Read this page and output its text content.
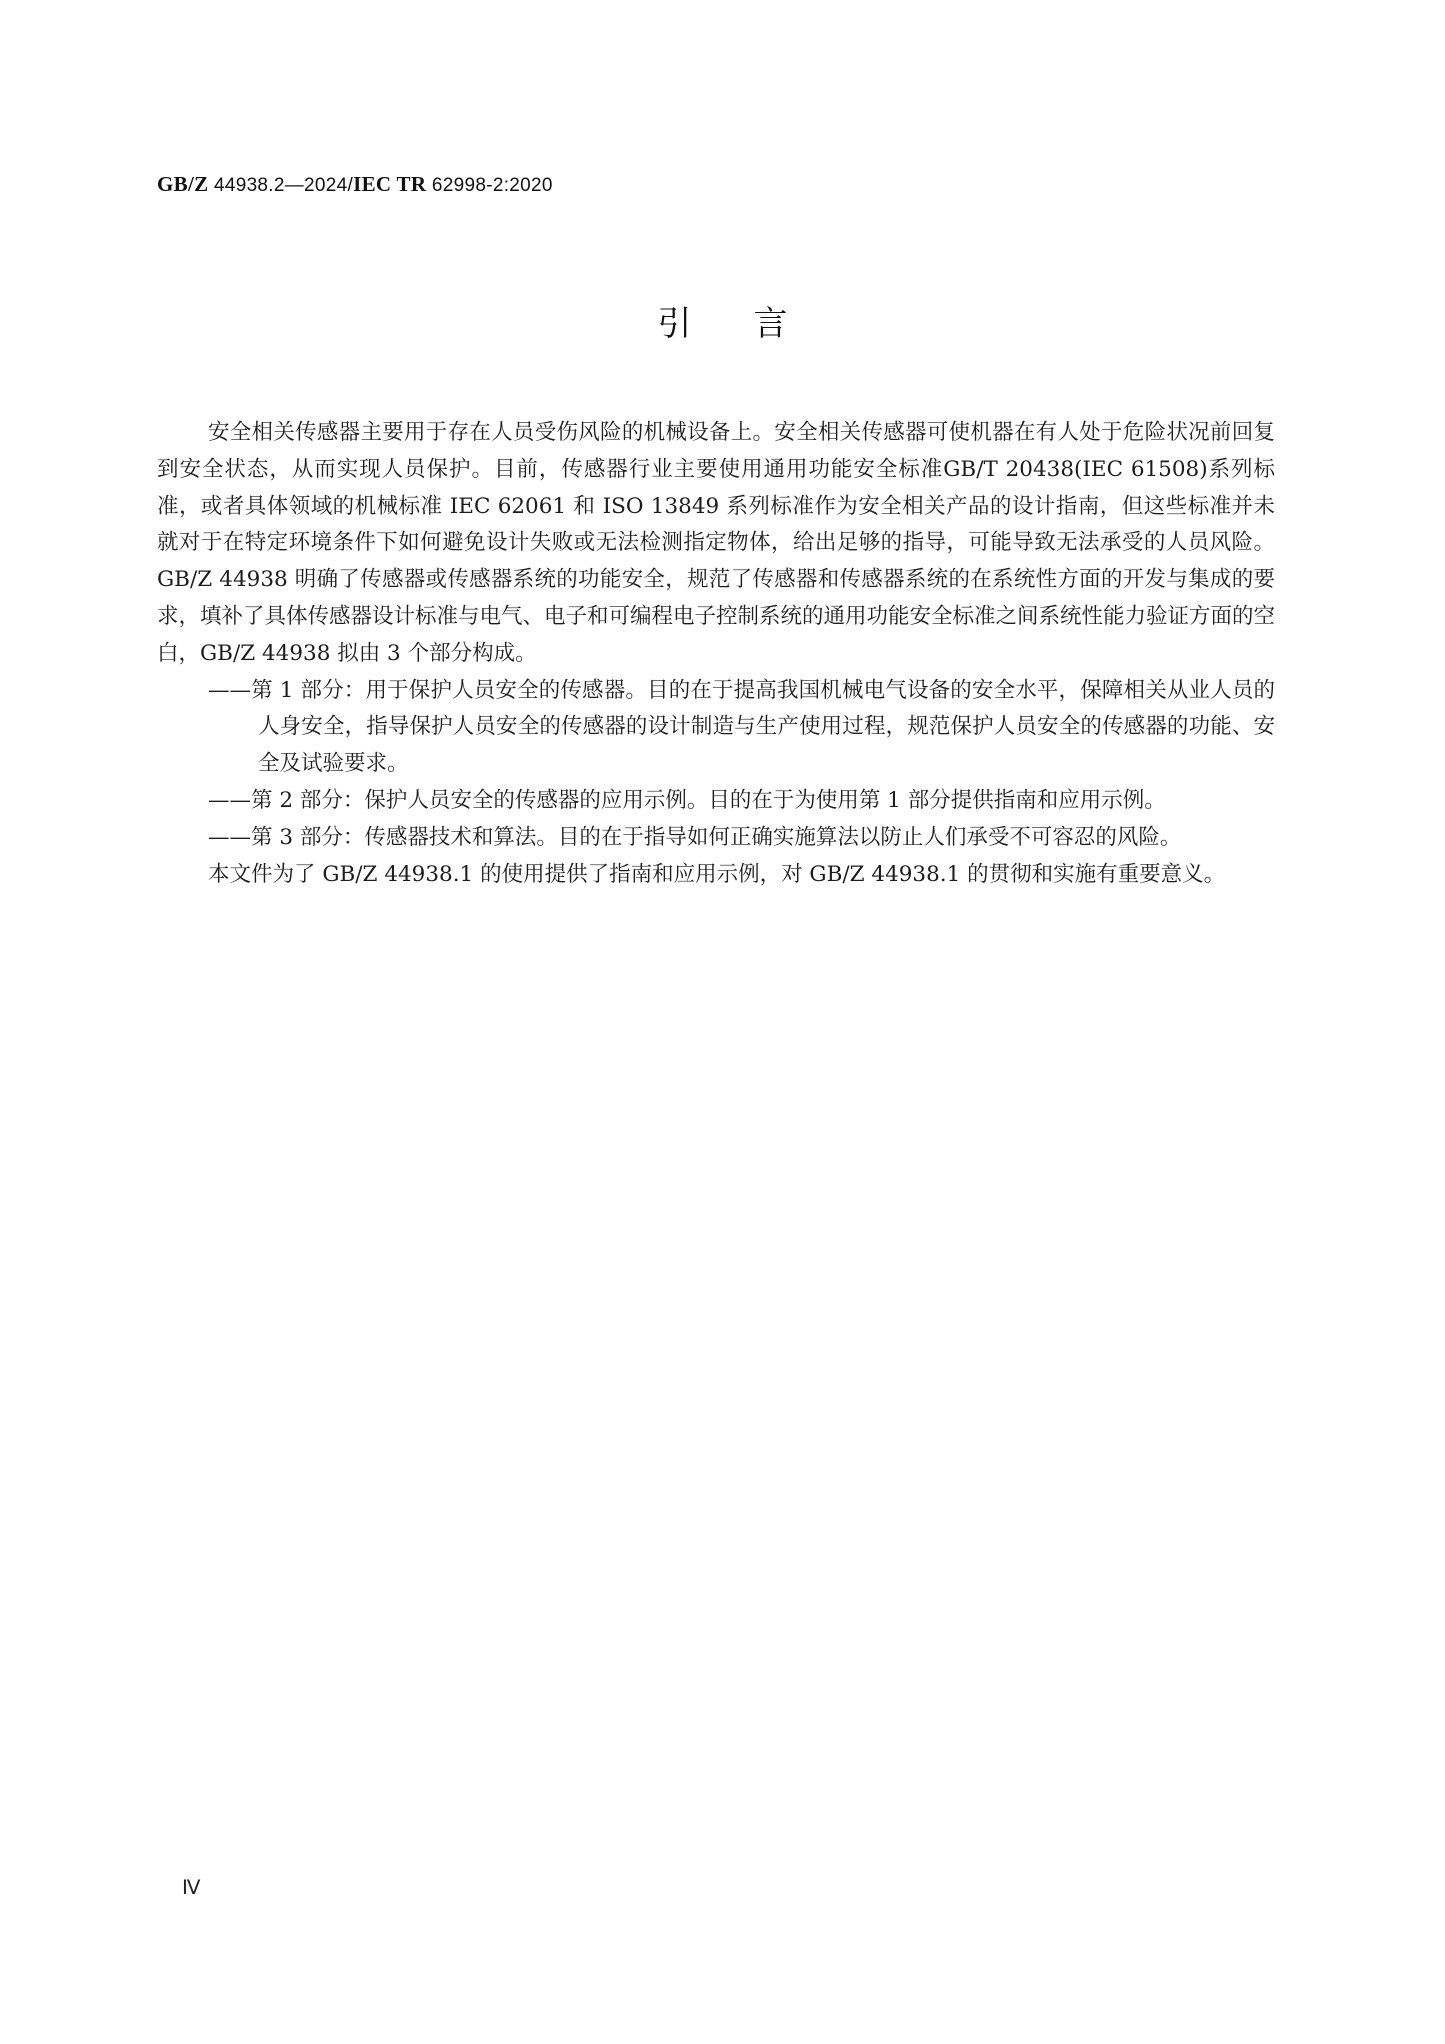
GB/Z 44938.2—2024/IEC TR 62998-2:2020
引言

安全相关传感器主要用于存在人员受伤风险的机械设备上。安全相关传感器可使机器在有人处于危险状况前回复到安全状态，从而实现人员保护。目前，传感器行业主要使用通用功能安全标准GB/T 20438(IEC 61508)系列标准，或者具体领域的机械标准 IEC 62061 和 ISO 13849 系列标准作为安全相关产品的设计指南，但这些标准并未就对于在特定环境条件下如何避免设计失败或无法检测指定物体，给出足够的指导，可能导致无法承受的人员风险。GB/Z 44938 明确了传感器或传感器系统的功能安全，规范了传感器和传感器系统的在系统性方面的开发与集成的要求，填补了具体传感器设计标准与电气、电子和可编程电子控制系统的通用功能安全标准之间系统性能力验证方面的空白，GB/Z 44938 拟由 3 个部分构成。

——第 1 部分：用于保护人员安全的传感器。目的在于提高我国机械电气设备的安全水平，保障相关从业人员的人身安全，指导保护人员安全的传感器的设计制造与生产使用过程，规范保护人员安全的传感器的功能、安全及试验要求。

——第 2 部分：保护人员安全的传感器的应用示例。目的在于为使用第 1 部分提供指南和应用示例。

——第 3 部分：传感器技术和算法。目的在于指导如何正确实施算法以防止人们承受不可容忍的风险。

本文件为了 GB/Z 44938.1 的使用提供了指南和应用示例，对 GB/Z 44938.1 的贯彻和实施有重要意义。

Ⅳ
